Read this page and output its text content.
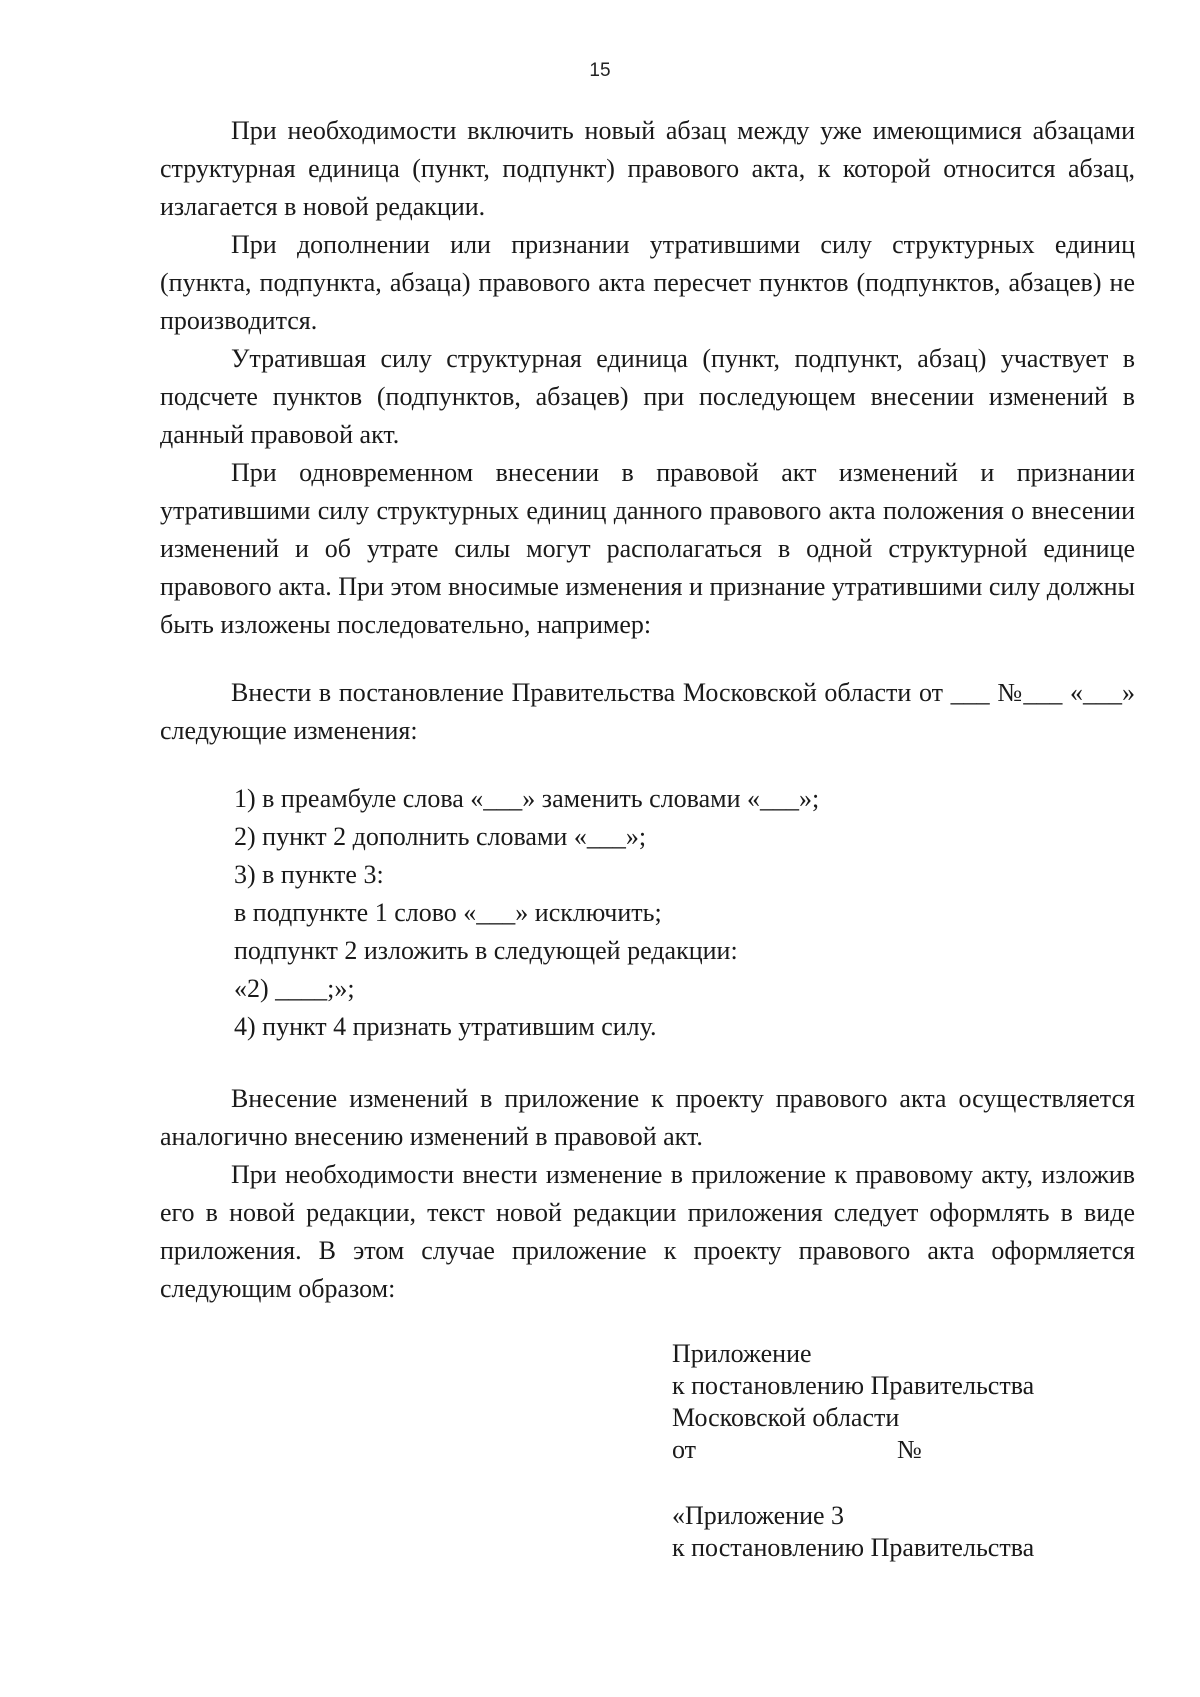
15

При необходимости включить новый абзац между уже имеющимися абзацами структурная единица (пункт, подпункт) правового акта, к которой относится абзац, излагается в новой редакции.

При дополнении или признании утратившими силу структурных единиц (пункта, подпункта, абзаца) правового акта пересчет пунктов (подпунктов, абзацев) не производится.

Утратившая силу структурная единица (пункт, подпункт, абзац) участвует в подсчете пунктов (подпунктов, абзацев) при последующем внесении изменений в данный правовой акт.

При одновременном внесении в правовой акт изменений и признании утратившими силу структурных единиц данного правового акта положения о внесении изменений и об утрате силы могут располагаться в одной структурной единице правового акта. При этом вносимые изменения и признание утратившими силу должны быть изложены последовательно, например:

Внести в постановление Правительства Московской области от ___ №___ «___» следующие изменения:

1) в преамбуле слова «___» заменить словами «___»;
2) пункт 2 дополнить словами «___»;
3) в пункте 3:
в подпункте 1 слово «___» исключить;
подпункт 2 изложить в следующей редакции:
«2) ____;»;
4) пункт 4 признать утратившим силу.

Внесение изменений в приложение к проекту правового акта осуществляется аналогично внесению изменений в правовой акт.

При необходимости внести изменение в приложение к правовому акту, изложив его в новой редакции, текст новой редакции приложения следует оформлять в виде приложения. В этом случае приложение к проекту правового акта оформляется следующим образом:

Приложение
к постановлению Правительства
Московской области
от	№
«Приложение 3
к постановлению Правительства
